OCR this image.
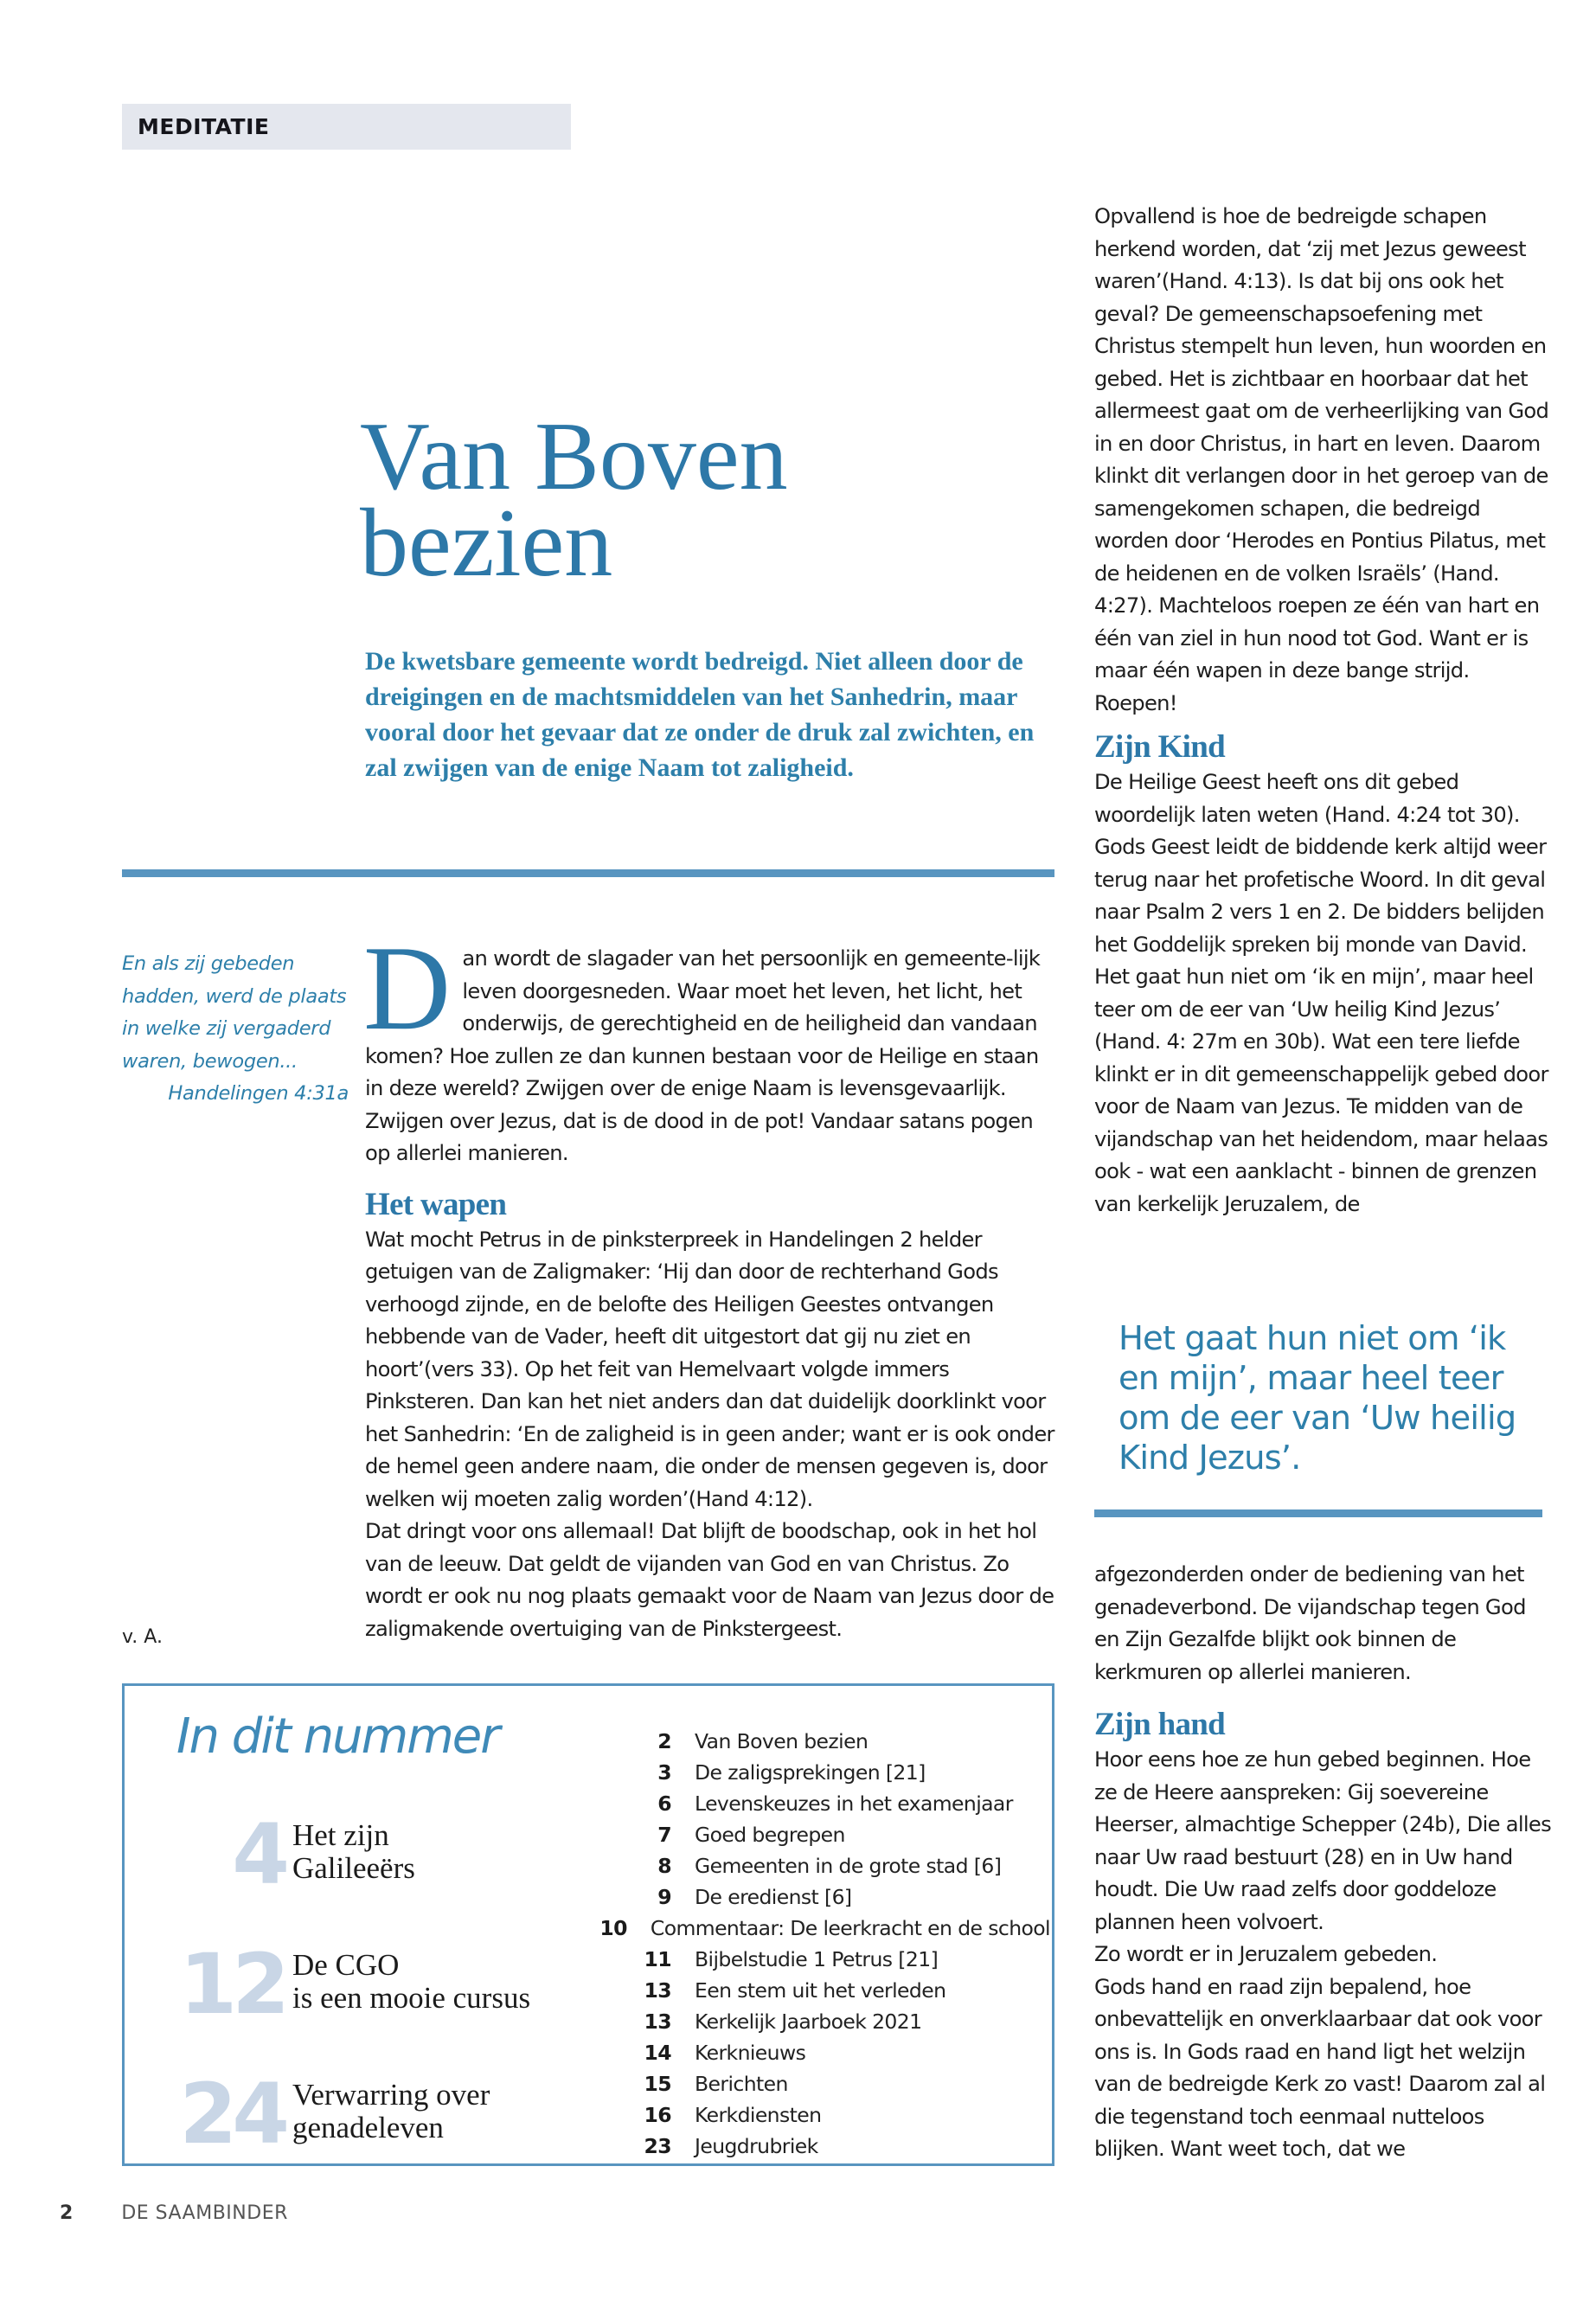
MEDITATIE
Van Boven
bezien
De kwetsbare gemeente wordt bedreigd. Niet alleen door de dreigingen en de machtsmiddelen van het Sanhedrin, maar vooral door het gevaar dat ze onder de druk zal zwichten, en zal zwijgen van de enige Naam tot zaligheid.
En als zij gebeden hadden, werd de plaats in welke zij vergaderd waren, bewogen...
Handelingen 4:31a
v. A.

Dan wordt de slagader van het persoonlijk en gemeente-lijk leven doorgesneden. Waar moet het leven, het licht, het onderwijs, de gerechtigheid en de heiligheid dan vandaan komen? Hoe zullen ze dan kunnen bestaan voor de Heilige en staan in deze wereld? Zwijgen over de enige Naam is levensgevaarlijk. Zwijgen over Jezus, dat is de dood in de pot! Vandaar satans pogen op allerlei manieren.

Het wapen

Wat mocht Petrus in de pinksterpreek in Handelingen 2 helder getuigen van de Zaligmaker: ‘Hij dan door de rechterhand Gods verhoogd zijnde, en de belofte des Heiligen Geestes ontvangen hebbende van de Vader, heeft dit uitgestort dat gij nu ziet en hoort’(vers 33). Op het feit van Hemelvaart volgde immers Pinksteren. Dan kan het niet anders dan dat duidelijk doorklinkt voor het Sanhedrin: ‘En de zaligheid is in geen ander; want er is ook onder de hemel geen andere naam, die onder de mensen gegeven is, door welken wij moeten zalig worden’(Hand 4:12).

Dat dringt voor ons allemaal! Dat blijft de boodschap, ook in het hol van de leeuw. Dat geldt de vijanden van God en van Christus. Zo wordt er ook nu nog plaats gemaakt voor de Naam van Jezus door de zaligmakende overtuiging van de Pinkstergeest.

Opvallend is hoe de bedreigde schapen herkend worden, dat ‘zij met Jezus geweest waren’(Hand. 4:13). Is dat bij ons ook het geval? De gemeenschapsoefening met Christus stempelt hun leven, hun woorden en gebed. Het is zichtbaar en hoorbaar dat het allermeest gaat om de verheerlijking van God in en door Christus, in hart en leven. Daarom klinkt dit verlangen door in het geroep van de samengekomen schapen, die bedreigd worden door ‘Herodes en Pontius Pilatus, met de heidenen en de volken Israëls’ (Hand. 4:27). Machteloos roepen ze één van hart en één van ziel in hun nood tot God. Want er is maar één wapen in deze bange strijd. Roepen!

Zijn Kind

De Heilige Geest heeft ons dit gebed woordelijk laten weten (Hand. 4:24 tot 30). Gods Geest leidt de biddende kerk altijd weer terug naar het profetische Woord. In dit geval naar Psalm 2 vers 1 en 2. De bidders belijden het Goddelijk spreken bij monde van David. Het gaat hun niet om ‘ik en mijn’, maar heel teer om de eer van ‘Uw heilig Kind Jezus’ (Hand. 4: 27m en 30b). Wat een tere liefde klinkt er in dit gemeenschappelijk gebed door voor de Naam van Jezus. Te midden van de vijandschap van het heidendom, maar helaas ook - wat een aanklacht - binnen de grenzen van kerkelijk Jeruzalem, de

Het gaat hun niet om ‘ik en mijn’, maar heel teer om de eer van ‘Uw heilig Kind Jezus’.

afgezonderden onder de bediening van het genadeverbond. De vijandschap tegen God en Zijn Gezalfde blijkt ook binnen de kerkmuren op allerlei manieren.

Zijn hand

Hoor eens hoe ze hun gebed beginnen. Hoe ze de Heere aanspreken: Gij soevereine Heerser, almachtige Schepper (24b), Die alles naar Uw raad bestuurt (28) en in Uw hand houdt. Die Uw raad zelfs door goddeloze plannen heen volvoert.

Zo wordt er in Jeruzalem gebeden.

Gods hand en raad zijn bepalend, hoe onbevattelijk en onverklaarbaar dat ook voor ons is. In Gods raad en hand ligt het welzijn van de bedreigde Kerk zo vast! Daarom zal al die tegenstand toch eenmaal nutteloos blijken. Want weet toch, dat we

In dit nummer
4 Het zijn
Galileeërs
12 De CGO
is een mooie cursus
24 Verwarring over
genadeleven
2 Van Boven bezien
3 De zaligsprekingen [21]
6 Levenskeuzes in het examenjaar
7 Goed begrepen
8 Gemeenten in de grote stad [6]
9 De eredienst [6]
10 Commentaar: De leerkracht en de school
11 Bijbelstudie 1 Petrus [21]
13 Een stem uit het verleden
13 Kerkelijk Jaarboek 2021
14 Kerknieuws
15 Berichten
16 Kerkdiensten
23 Jeugdrubriek
2	DE SAAMBINDER
